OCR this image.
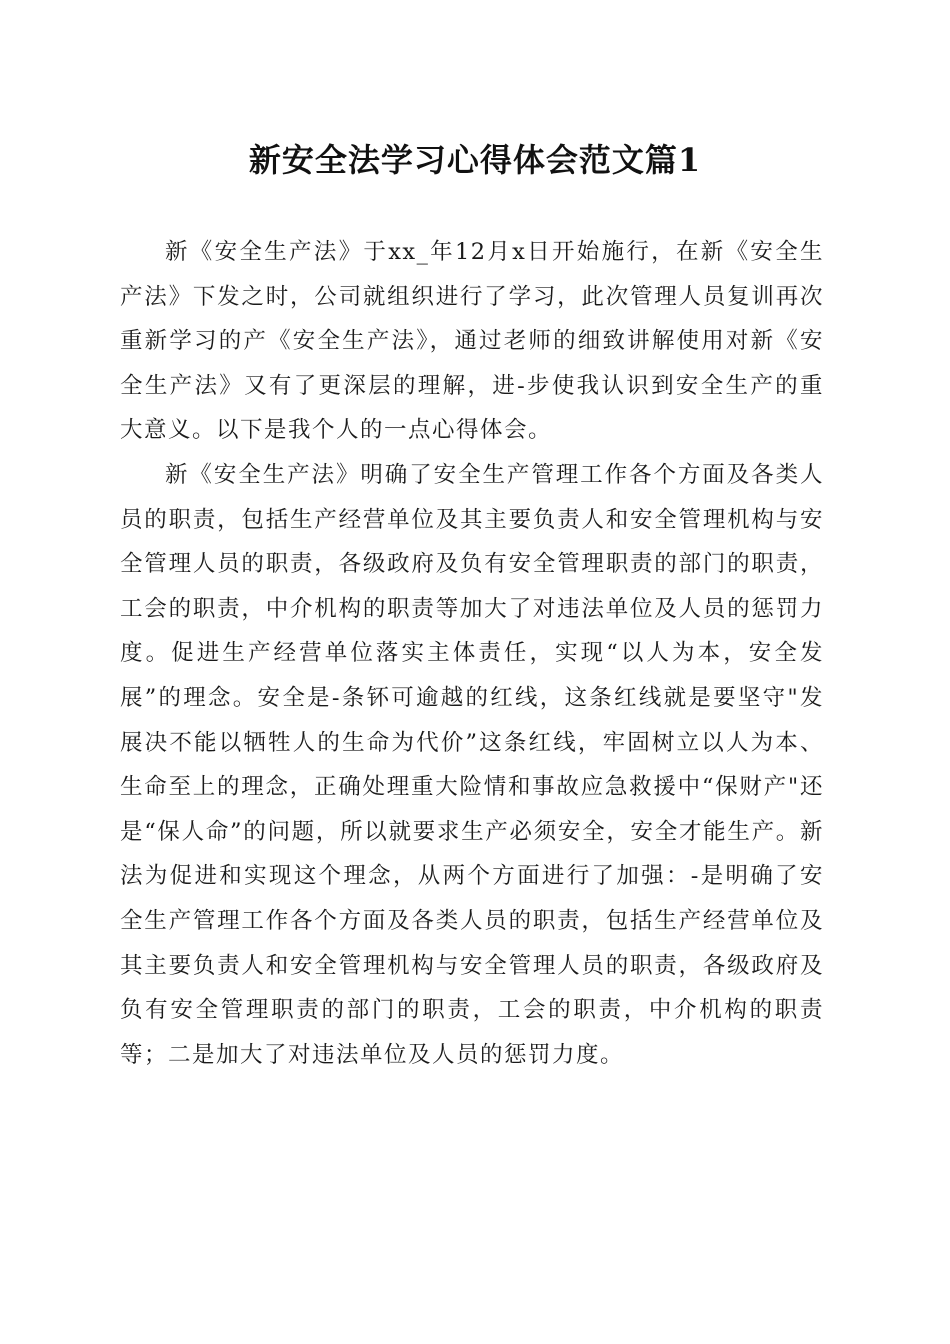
新安全法学习心得体会范文篇1

新《安全生产法》于xx_年12月x日开始施行，在新《安全生产法》下发之时，公司就组织进行了学习，此次管理人员复训再次重新学习的产《安全生产法》，通过老师的细致讲解使用对新《安全生产法》又有了更深层的理解，进-步使我认识到安全生产的重大意义。以下是我个人的一点心得体会。

新《安全生产法》明确了安全生产管理工作各个方面及各类人员的职责，包括生产经营单位及其主要负责人和安全管理机构与安全管理人员的职责，各级政府及负有安全管理职责的部门的职责，工会的职责，中介机构的职责等加大了对违法单位及人员的惩罚力度。促进生产经营单位落实主体责任，实现“以人为本，安全发展”的理念。安全是-条钚可逾越的红线，这条红线就是要坚守"发展决不能以牺牲人的生命为代价”这条红线，牢固树立以人为本、生命至上的理念，正确处理重大险情和事故应急救援中“保财产"还是“保人命”的问题，所以就要求生产必须安全，安全才能生产。新法为促进和实现这个理念，从两个方面进行了加强：-是明确了安全生产管理工作各个方面及各类人员的职责，包括生产经营单位及其主要负责人和安全管理机构与安全管理人员的职责，各级政府及负有安全管理职责的部门的职责，工会的职责，中介机构的职责等；二是加大了对违法单位及人员的惩罚力度。
